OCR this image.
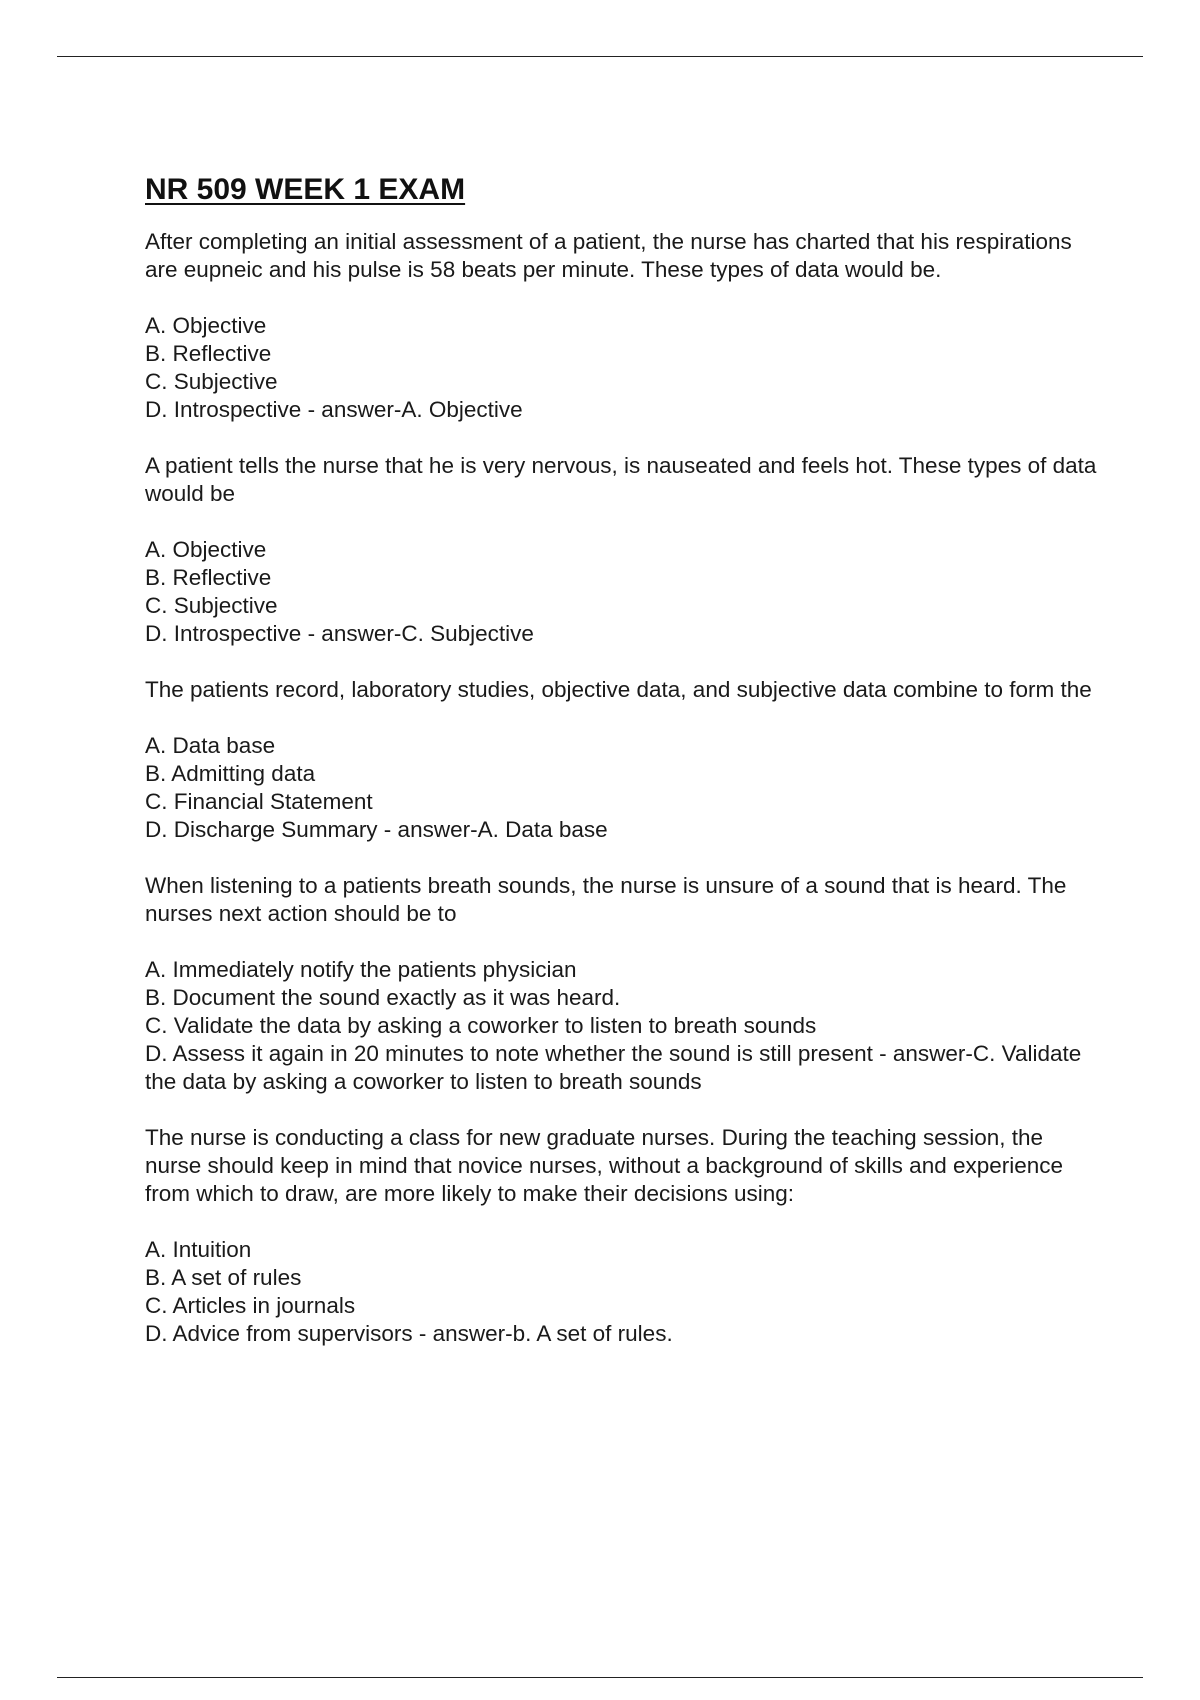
NR 509 WEEK 1 EXAM
After completing an initial assessment of a patient, the nurse has charted that his respirations are eupneic and his pulse is 58 beats per minute. These types of data would be.
A. Objective
B. Reflective
C. Subjective
D. Introspective - answer-A. Objective
A patient tells the nurse that he is very nervous, is nauseated and feels hot. These types of data would be
A. Objective
B. Reflective
C. Subjective
D. Introspective - answer-C. Subjective
The patients record, laboratory studies, objective data, and subjective data combine to form the
A. Data base
B. Admitting data
C. Financial Statement
D. Discharge Summary - answer-A. Data base
When listening to a patients breath sounds, the nurse is unsure of a sound that is heard. The nurses next action should be to
A. Immediately notify the patients physician
B. Document the sound exactly as it was heard.
C. Validate the data by asking a coworker to listen to breath sounds
D. Assess it again in 20 minutes to note whether the sound is still present - answer-C. Validate the data by asking a coworker to listen to breath sounds
The nurse is conducting a class for new graduate nurses. During the teaching session, the nurse should keep in mind that novice nurses, without a background of skills and experience from which to draw, are more likely to make their decisions using:
A. Intuition
B. A set of rules
C. Articles in journals
D. Advice from supervisors - answer-b. A set of rules.
